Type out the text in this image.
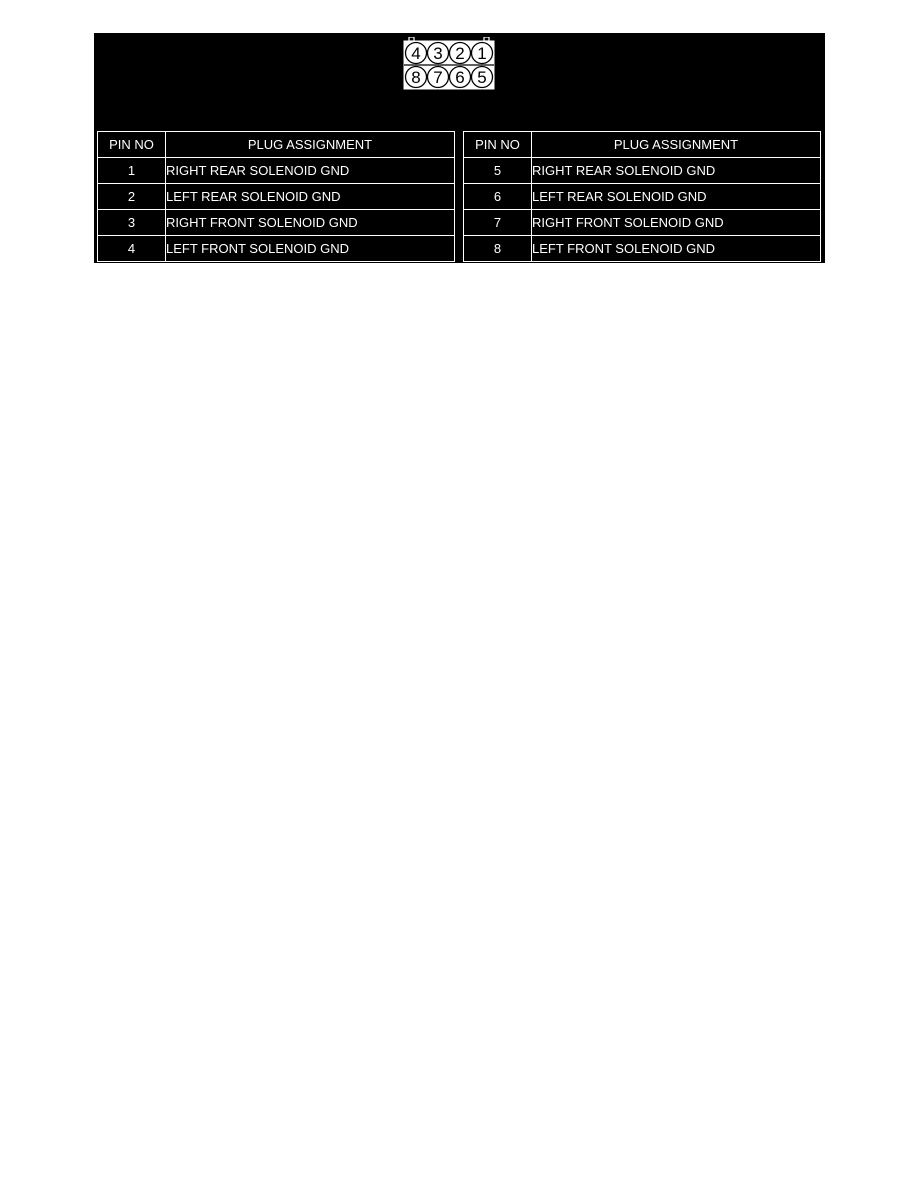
4 3 2 1
8 7 6 5
PIN NO	PLUG ASSIGNMENT
1	RIGHT REAR SOLENOID GND
2	LEFT REAR SOLENOID GND
3	RIGHT FRONT SOLENOID GND
4	LEFT FRONT SOLENOID GND
PIN NO	PLUG ASSIGNMENT
5	RIGHT REAR SOLENOID GND
6	LEFT REAR SOLENOID GND
7	RIGHT FRONT SOLENOID GND
8	LEFT FRONT SOLENOID GND
